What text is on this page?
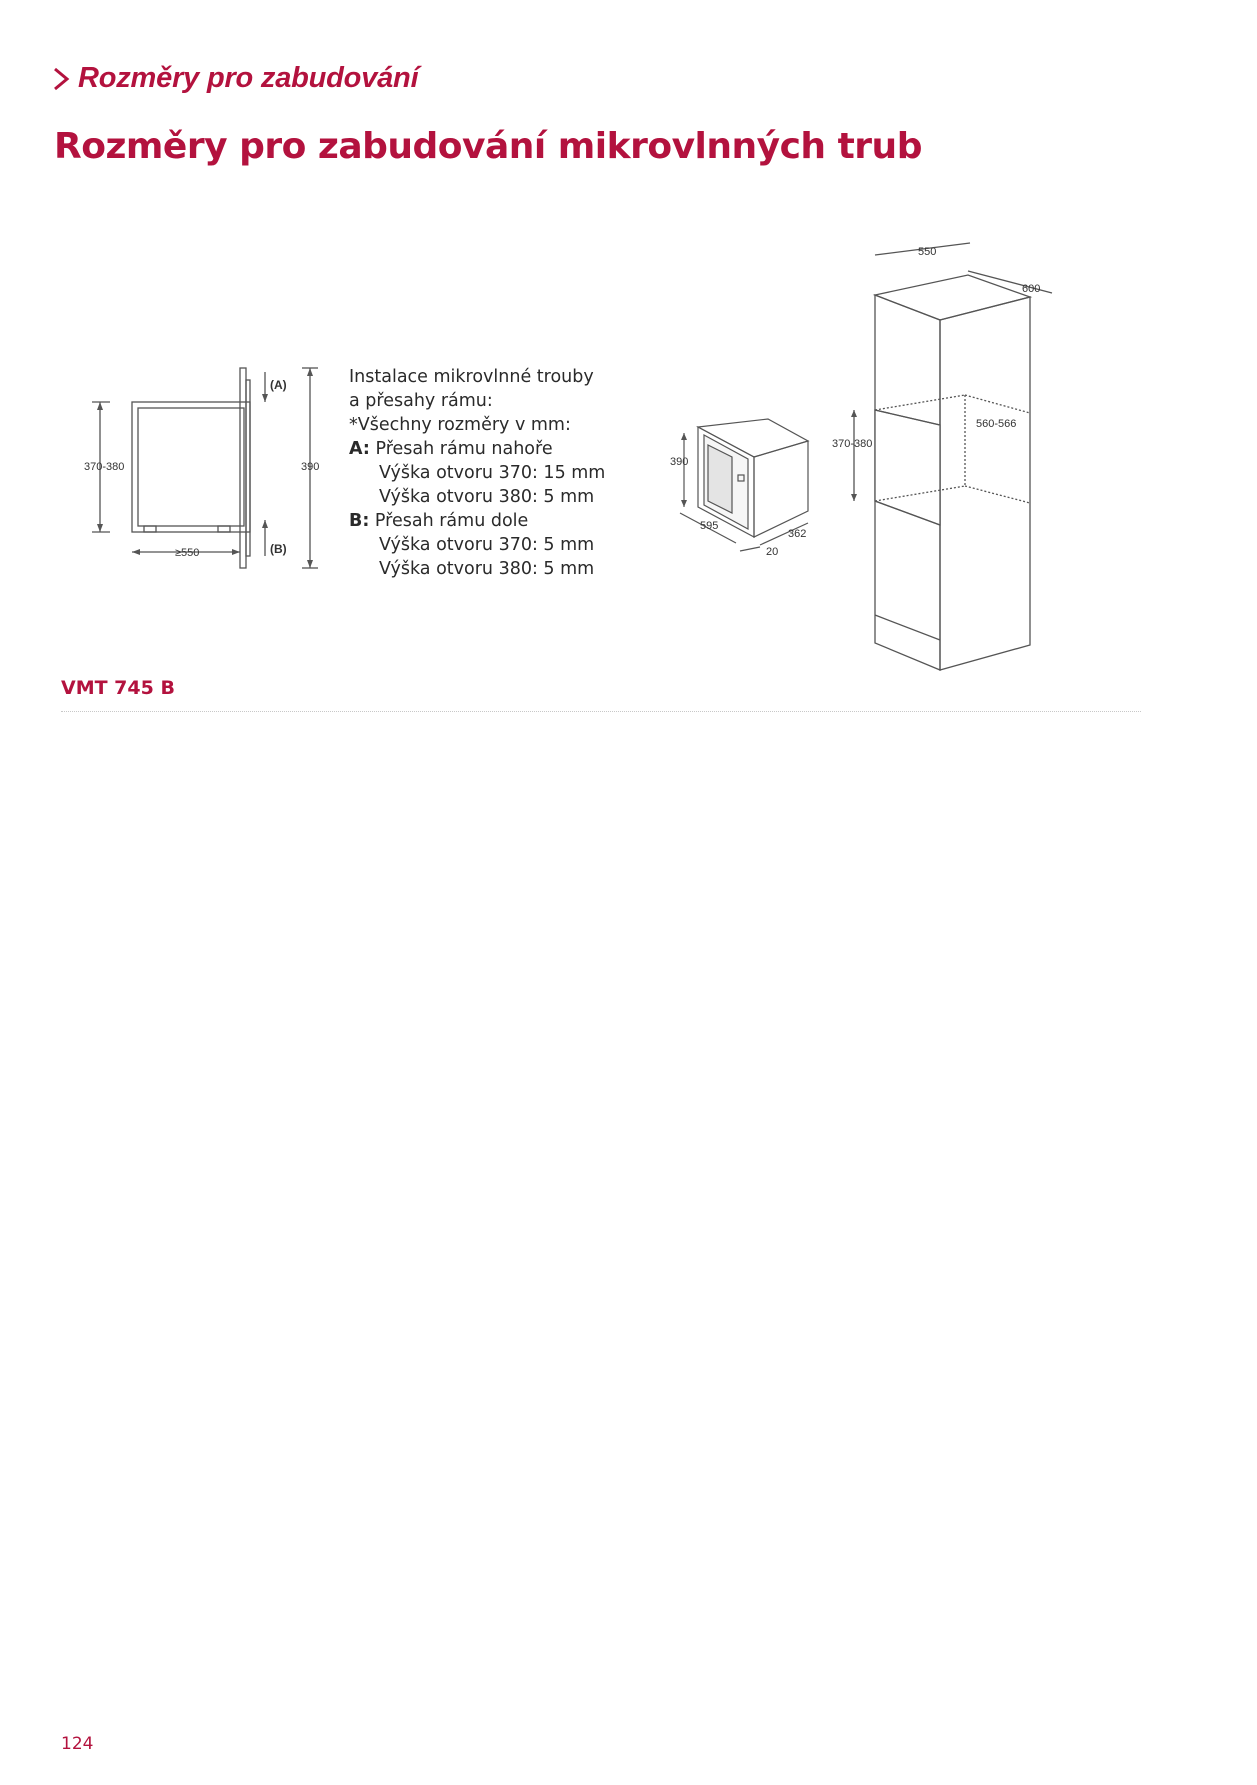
Rozměry pro zabudování
Rozměry pro zabudování mikrovlnných trub
370-380	390
≥550
(A)
(B)
Instalace mikrovlnné trouby
a přesahy rámu:
*Všechny rozměry v mm:
A: Přesah rámu nahoře
Výška otvoru 370: 15 mm
Výška otvoru 380: 5 mm
B: Přesah rámu dole
Výška otvoru 370: 5 mm
Výška otvoru 380: 5 mm
390
595
362
20
550
600
370-380
560-566
VMT 745 B
124
